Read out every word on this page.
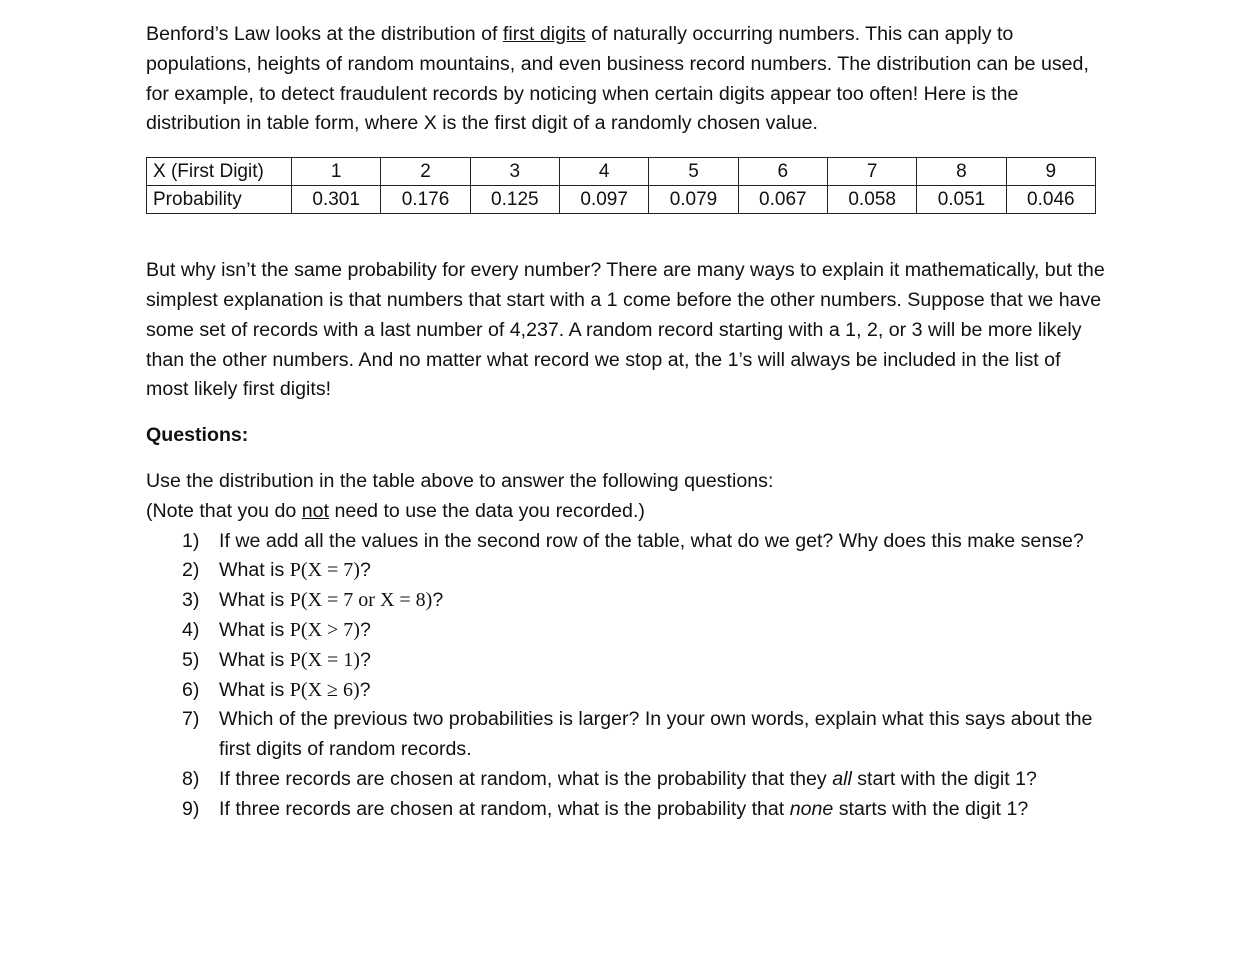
Benford’s Law looks at the distribution of first digits of naturally occurring numbers. This can apply to populations, heights of random mountains, and even business record numbers. The distribution can be used, for example, to detect fraudulent records by noticing when certain digits appear too often! Here is the distribution in table form, where X is the first digit of a randomly chosen value.

X (First Digit)	1	2	3	4	5	6	7	8	9
Probability	0.301	0.176	0.125	0.097	0.079	0.067	0.058	0.051	0.046

But why isn’t the same probability for every number? There are many ways to explain it mathematically, but the simplest explanation is that numbers that start with a 1 come before the other numbers. Suppose that we have some set of records with a last number of 4,237. A random record starting with a 1, 2, or 3 will be more likely than the other numbers. And no matter what record we stop at, the 1’s will always be included in the list of most likely first digits!

Questions:

Use the distribution in the table above to answer the following questions:

(Note that you do not need to use the data you recorded.)

1) If we add all the values in the second row of the table, what do we get? Why does this make sense?
2) What is P(X = 7)?
3) What is P(X = 7 or X = 8)?
4) What is P(X > 7)?
5) What is P(X = 1)?
6) What is P(X ≥ 6)?
7) Which of the previous two probabilities is larger? In your own words, explain what this says about the first digits of random records.
8) If three records are chosen at random, what is the probability that they all start with the digit 1?
9) If three records are chosen at random, what is the probability that none starts with the digit 1?
